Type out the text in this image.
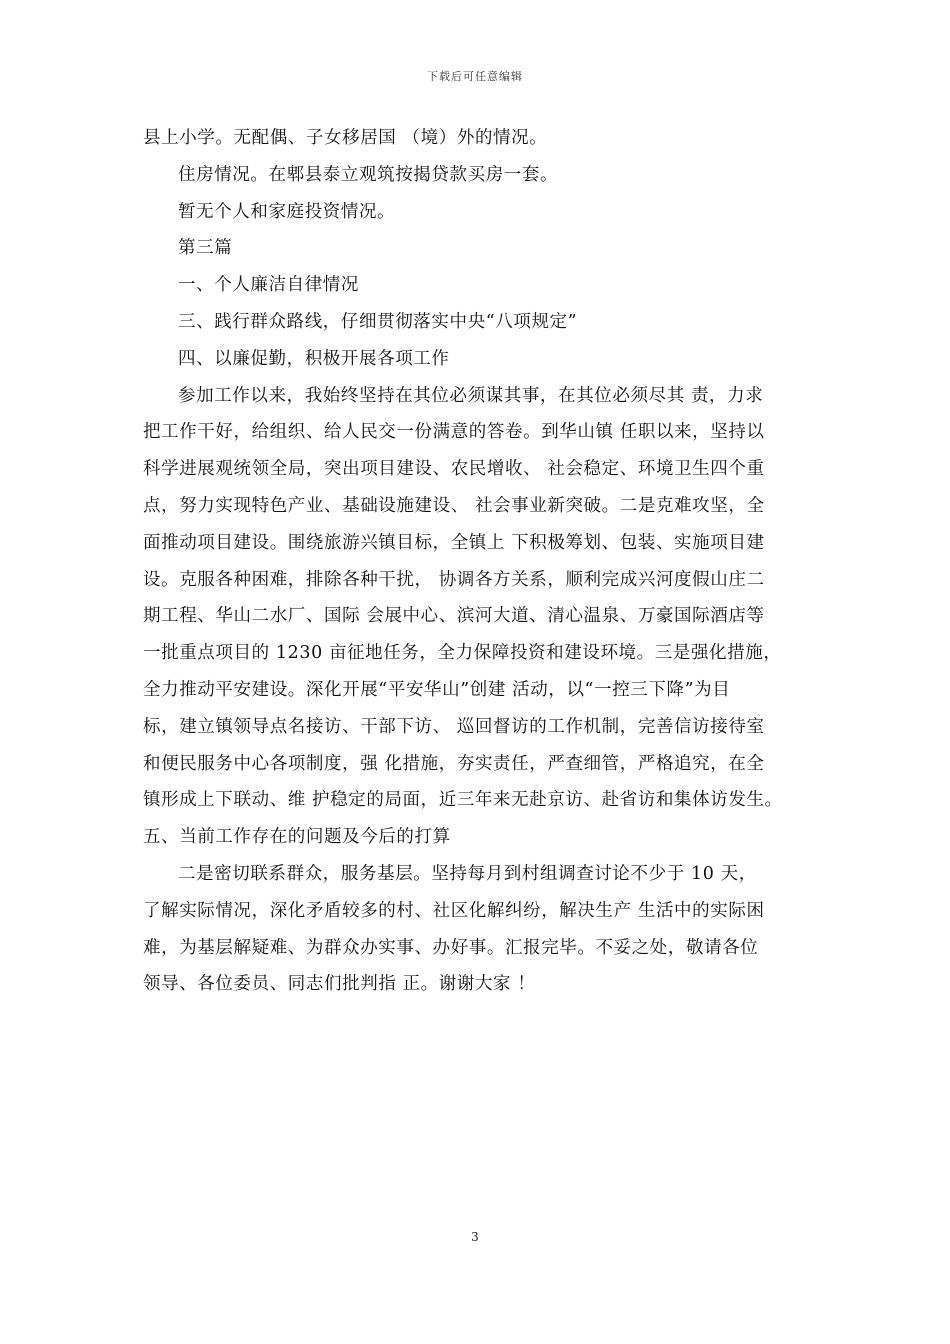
下载后可任意编辑
县上小学。无配偶、子女移居国 （境）外的情况。
住房情况。在郫县泰立观筑按揭贷款买房一套。
暂无个人和家庭投资情况。
第三篇
一、个人廉洁自律情况
三、践行群众路线，仔细贯彻落实中央“八项规定”
四、以廉促勤，积极开展各项工作
参加工作以来，我始终坚持在其位必须谋其事，在其位必须尽其 责，力求
把工作干好，给组织、给人民交一份满意的答卷。到华山镇 任职以来，坚持以
科学进展观统领全局，突出项目建设、农民增收、 社会稳定、环境卫生四个重
点，努力实现特色产业、基础设施建设、 社会事业新突破。二是克难攻坚，全
面推动项目建设。围绕旅游兴镇目标，全镇上 下积极筹划、包装、实施项目建
设。克服各种困难，排除各种干扰， 协调各方关系，顺利完成兴河度假山庄二
期工程、华山二水厂、国际 会展中心、滨河大道、清心温泉、万豪国际酒店等
一批重点项目的 1230 亩征地任务，全力保障投资和建设环境。三是强化措施，
全力推动平安建设。深化开展“平安华山”创建 活动，以“一控三下降”为目
标，建立镇领导点名接访、干部下访、 巡回督访的工作机制，完善信访接待室
和便民服务中心各项制度，强 化措施，夯实责任，严查细管，严格追究，在全
镇形成上下联动、维 护稳定的局面，近三年来无赴京访、赴省访和集体访发生。
五、当前工作存在的问题及今后的打算
二是密切联系群众，服务基层。坚持每月到村组调查讨论不少于 10 天，
了解实际情况，深化矛盾较多的村、社区化解纠纷，解决生产 生活中的实际困
难，为基层解疑难、为群众办实事、办好事。汇报完毕。不妥之处，敬请各位
领导、各位委员、同志们批判指 正。谢谢大家 ！
3
